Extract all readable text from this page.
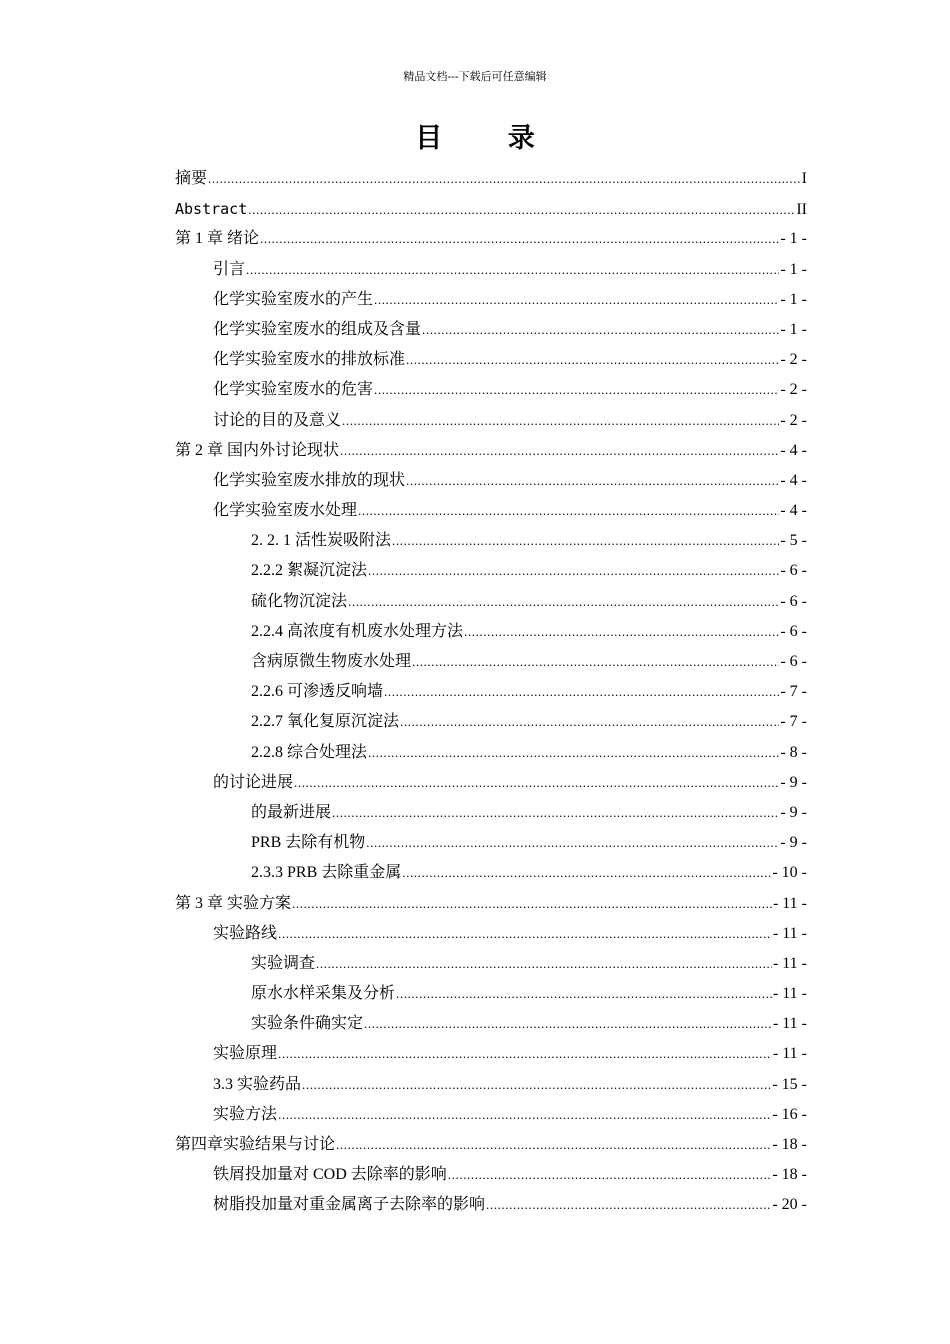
精品文档---下载后可任意编辑
目 录
摘要 .....	I
Abstract .....	II
第 1 章 绪论 .....	- 1 -
引言 .....	- 1 -
化学实验室废水的产生 .....	- 1 -
化学实验室废水的组成及含量 .....	- 1 -
化学实验室废水的排放标准 .....	- 2 -
化学实验室废水的危害 .....	- 2 -
讨论的目的及意义 .....	- 2 -
第 2 章 国内外讨论现状 .....	- 4 -
化学实验室废水排放的现状 .....	- 4 -
化学实验室废水处理 .....	- 4 -
2. 2. 1 活性炭吸附法 .....	- 5 -
2.2.2 絮凝沉淀法 .....	- 6 -
硫化物沉淀法 .....	- 6 -
2.2.4 高浓度有机废水处理方法 .....	- 6 -
含病原微生物废水处理 .....	- 6 -
2.2.6 可渗透反响墙 .....	- 7 -
2.2.7 氧化复原沉淀法 .....	- 7 -
2.2.8 综合处理法 .....	- 8 -
的讨论进展 .....	- 9 -
的最新进展 .....	- 9 -
PRB 去除有机物 .....	- 9 -
2.3.3 PRB 去除重金属 .....	- 10 -
第 3 章 实验方案 .....	- 11 -
实验路线 .....	- 11 -
实验调查 .....	- 11 -
原水水样采集及分析 .....	- 11 -
实验条件确实定 .....	- 11 -
实验原理 .....	- 11 -
3.3 实验药品 .....	- 15 -
实验方法 .....	- 16 -
第四章实验结果与讨论 .....	- 18 -
铁屑投加量对 COD 去除率的影响 .....	- 18 -
树脂投加量对重金属离子去除率的影响 .....	- 20 -
